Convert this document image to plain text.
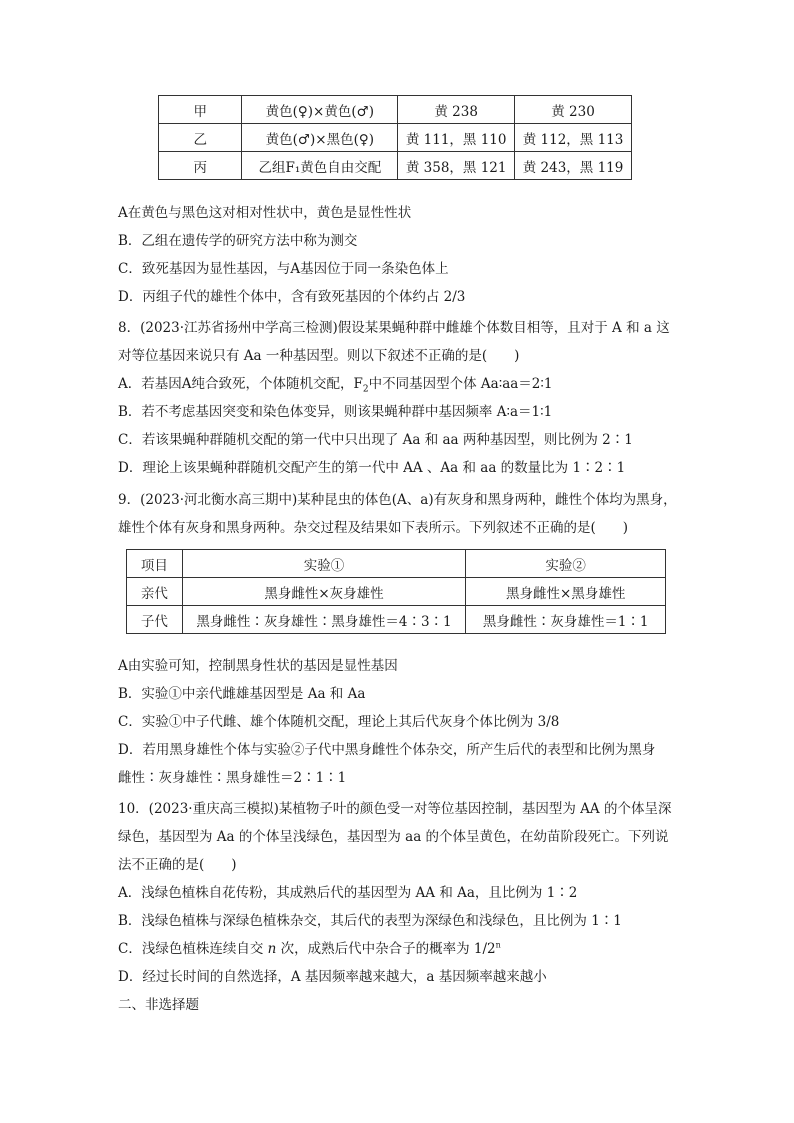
甲	黄色(♀)×黄色(♂)	黄 238	黄 230
乙	黄色(♂)×黑色(♀)	黄 111，黑 110	黄 112，黑 113
丙	乙组F₁黄色自由交配	黄 358，黑 121	黄 243，黑 119
A在黄色与黑色这对相对性状中，黄色是显性性状
B．乙组在遗传学的研究方法中称为测交
C．致死基因为显性基因，与A基因位于同一条染色体上
D．丙组子代的雄性个体中，含有致死基因的个体约占 2/3
8．(2023·江苏省扬州中学高三检测)假设某果蝇种群中雌雄个体数目相等，且对于 A 和 a 这
对等位基因来说只有 Aa 一种基因型。则以下叙述不正确的是(　　)
A．若基因A纯合致死，个体随机交配，$F_2$中不同基因型个体 Aa∶aa＝2∶1
B．若不考虑基因突变和染色体变异，则该果蝇种群中基因频率 A∶a＝1∶1
C．若该果蝇种群随机交配的第一代中只出现了 Aa 和 aa 两种基因型，则比例为 2∶1
D．理论上该果蝇种群随机交配产生的第一代中 AA 、Aa 和 aa 的数量比为 1∶2∶1
9．(2023·河北衡水高三期中)某种昆虫的体色(A、a)有灰身和黑身两种，雌性个体均为黑身，
雄性个体有灰身和黑身两种。杂交过程及结果如下表所示。下列叙述不正确的是(　　)
项目	实验①	实验②
亲代	黑身雌性×灰身雄性	黑身雌性×黑身雄性
子代	黑身雌性∶灰身雄性∶黑身雄性＝4∶3∶1	黑身雌性∶灰身雄性＝1∶1
A由实验可知，控制黑身性状的基因是显性基因
B．实验①中亲代雌雄基因型是 Aa 和 Aa
C．实验①中子代雌、雄个体随机交配，理论上其后代灰身个体比例为 3/8
D．若用黑身雄性个体与实验②子代中黑身雌性个体杂交，所产生后代的表型和比例为黑身
雌性∶灰身雄性∶黑身雄性＝2∶1∶1
10．(2023·重庆高三模拟)某植物子叶的颜色受一对等位基因控制，基因型为 AA 的个体呈深
绿色，基因型为 Aa 的个体呈浅绿色，基因型为 aa 的个体呈黄色，在幼苗阶段死亡。下列说
法不正确的是(　　)
A．浅绿色植株自花传粉，其成熟后代的基因型为 AA 和 Aa，且比例为 1∶2
B．浅绿色植株与深绿色植株杂交，其后代的表型为深绿色和浅绿色，且比例为 1∶1
C．浅绿色植株连续自交 n 次，成熟后代中杂合子的概率为 1/2$^n$
D．经过长时间的自然选择，A 基因频率越来越大，a 基因频率越来越小
二、非选择题
